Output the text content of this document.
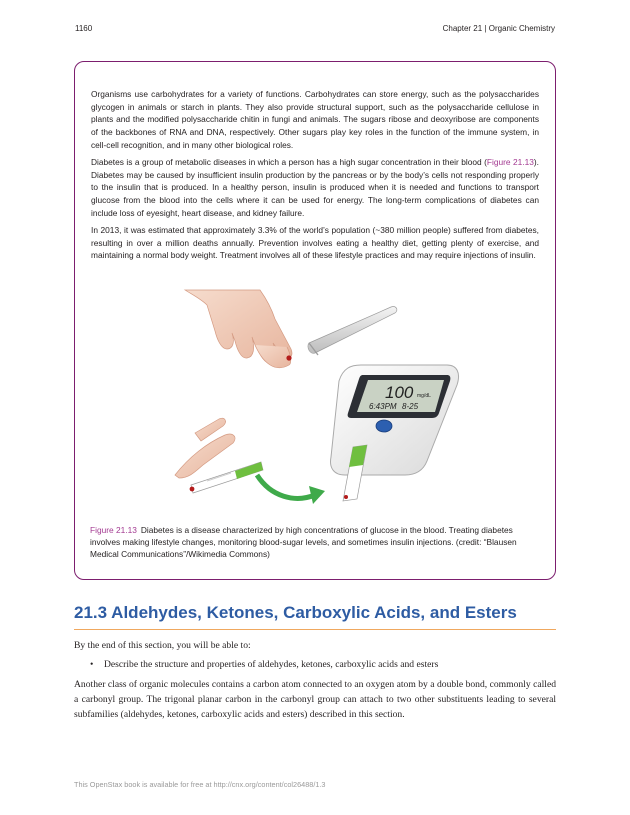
1160	Chapter 21 | Organic Chemistry

Organisms use carbohydrates for a variety of functions. Carbohydrates can store energy, such as the polysaccharides glycogen in animals or starch in plants. They also provide structural support, such as the polysaccharide cellulose in plants and the modified polysaccharide chitin in fungi and animals. The sugars ribose and deoxyribose are components of the backbones of RNA and DNA, respectively. Other sugars play key roles in the function of the immune system, in cell-cell recognition, and in many other biological roles.

Diabetes is a group of metabolic diseases in which a person has a high sugar concentration in their blood (Figure 21.13). Diabetes may be caused by insufficient insulin production by the pancreas or by the body’s cells not responding properly to the insulin that is produced. In a healthy person, insulin is produced when it is needed and functions to transport glucose from the blood into the cells where it can be used for energy. The long-term complications of diabetes can include loss of eyesight, heart disease, and kidney failure.

In 2013, it was estimated that approximately 3.3% of the world’s population (~380 million people) suffered from diabetes, resulting in over a million deaths annually. Prevention involves eating a healthy diet, getting plenty of exercise, and maintaining a normal body weight. Treatment involves all of these lifestyle practices and may require injections of insulin.

100 mg/dL
6:43PM 8-25

Figure 21.13 Diabetes is a disease characterized by high concentrations of glucose in the blood. Treating diabetes involves making lifestyle changes, monitoring blood-sugar levels, and sometimes insulin injections. (credit: “Blausen Medical Communications”/Wikimedia Commons)

21.3 Aldehydes, Ketones, Carboxylic Acids, and Esters

By the end of this section, you will be able to:

• Describe the structure and properties of aldehydes, ketones, carboxylic acids and esters

Another class of organic molecules contains a carbon atom connected to an oxygen atom by a double bond, commonly called a carbonyl group. The trigonal planar carbon in the carbonyl group can attach to two other substituents leading to several subfamilies (aldehydes, ketones, carboxylic acids and esters) described in this section.

This OpenStax book is available for free at http://cnx.org/content/col26488/1.3
